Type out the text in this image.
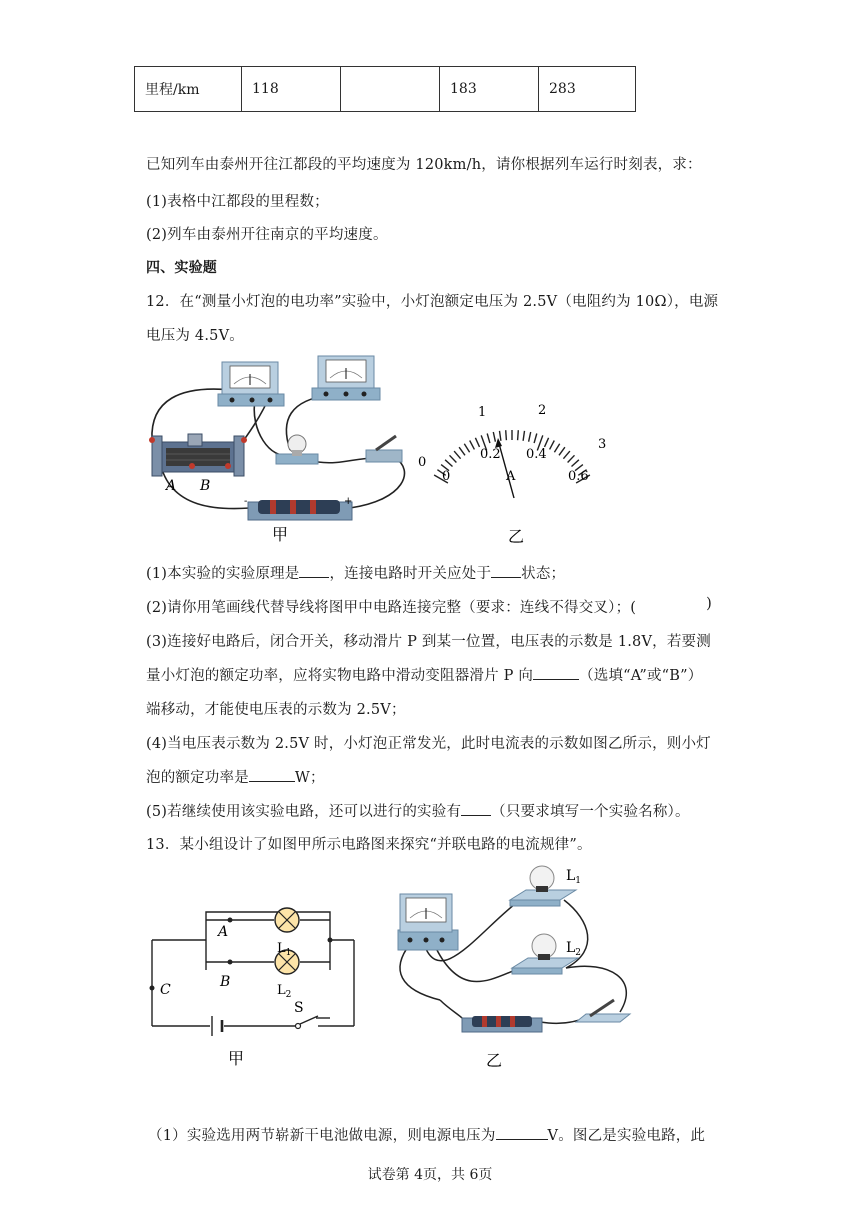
里程/km	118		183	283
已知列车由泰州开往江都段的平均速度为 120km/h，请你根据列车运行时刻表，求：
(1)表格中江都段的里程数；
(2)列车由泰州开往南京的平均速度。
四、实验题
12．在“测量小灯泡的电功率”实验中，小灯泡额定电压为 2.5V（电阻约为 10Ω），电源
电压为 4.5V。
A B
-	+
甲
0
1	2
3
0
0.2 0.4
0.6
A
乙
(1)本实验的实验原理是 ，连接电路时开关应处于 状态；
(2)请你用笔画线代替导线将图甲中电路连接完整（要求：连线不得交叉）；(	)
(3)连接好电路后，闭合开关，移动滑片 P 到某一位置，电压表的示数是 1.8V，若要测
量小灯泡的额定功率，应将实物电路中滑动变阻器滑片 P 向	（选填“A”或“B”）
端移动，才能使电压表的示数为 2.5V；
(4)当电压表示数为 2.5V 时，小灯泡正常发光，此时电流表的示数如图乙所示，则小灯
泡的额定功率是	W；
(5)若继续使用该实验电路，还可以进行的实验有 （只要求填写一个实验名称）。
13．某小组设计了如图甲所示电路图来探究“并联电路的电流规律”。
A
B
C
$L_1$
$L_2$
S
甲
$L_1$
$L_2$
乙
（1）实验选用两节崭新干电池做电源，则电源电压为	V。图乙是实验电路，此
试卷第 4页，共 6页
